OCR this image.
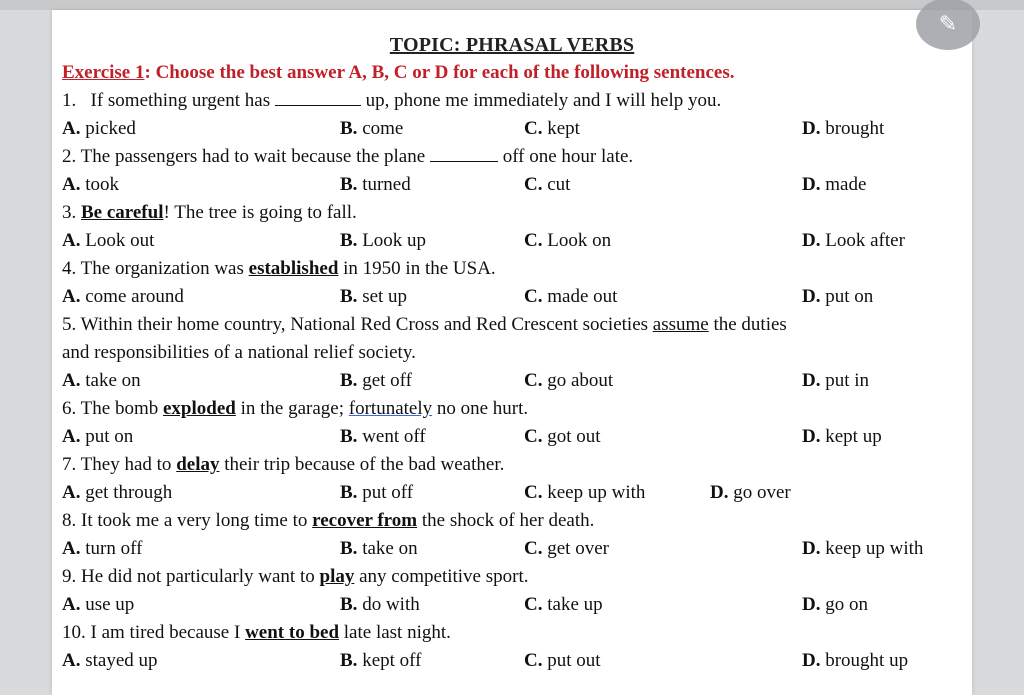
✎
TOPIC: PHRASAL VERBS
Exercise 1: Choose the best answer A, B, C or D for each of the following sentences.
1. If something urgent has	up, phone me immediately and I will help you.
A. picked	B. come	C. kept	D. brought
2. The passengers had to wait because the plane	off one hour late.
A. took	B. turned	C. cut	D. made
3. Be careful! The tree is going to fall.
A. Look out	B. Look up	C. Look on	D. Look after
4. The organization was established in 1950 in the USA.
A. come around	B. set up	C. made out	D. put on
5. Within their home country, National Red Cross and Red Crescent societies assume the duties
and responsibilities of a national relief society.
A. take on	B. get off	C. go about	D. put in
6. The bomb exploded in the garage; fortunately no one hurt.
A. put on	B. went off	C. got out	D. kept up
7. They had to delay their trip because of the bad weather.
A. get through	B. put off	C. keep up with	D. go over
8. It took me a very long time to recover from the shock of her death.
A. turn off	B. take on	C. get over	D. keep up with
9. He did not particularly want to play any competitive sport.
A. use up	B. do with	C. take up	D. go on
10. I am tired because I went to bed late last night.
A. stayed up	B. kept off	C. put out	D. brought up
